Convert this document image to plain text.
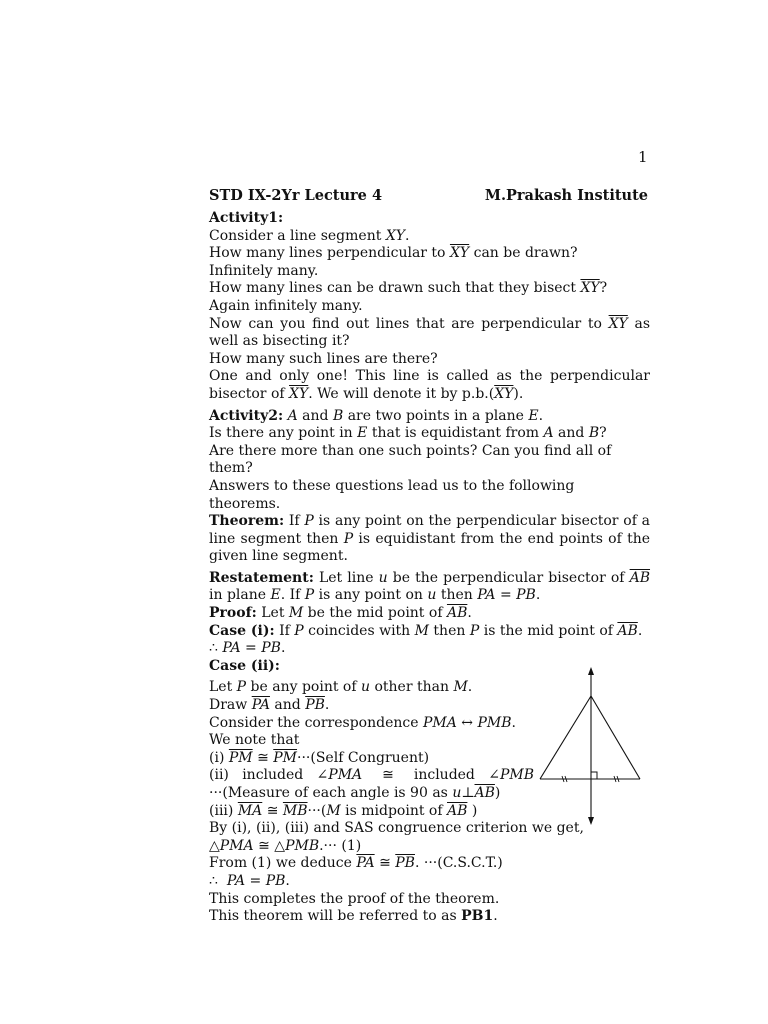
1
STD IX-2Yr Lecture 4	M.Prakash Institute

Activity1:

Consider a line segment XY.

How many lines perpendicular to $\overline{XY}$ can be drawn?

Infinitely many.

How many lines can be drawn such that they bisect $\overline{XY}$?

Again infinitely many.

Now can you find out lines that are perpendicular to $\overline{XY}$ as well as bisecting it?

How many such lines are there?

One and only one! This line is called as the perpendicular bisector of $\overline{XY}$. We will denote it by $p.b.(\overline{XY})$.

Activity2: A and B are two points in a plane E.

Is there any point in E that is equidistant from A and B?

Are there more than one such points? Can you find all of them?

Answers to these questions lead us to the following theorems.

Theorem: If P is any point on the perpendicular bisector of a line segment then P is equidistant from the end points of the given line segment.

Restatement: Let line u be the perpendicular bisector of $\overline{AB}$ in plane E. If P is any point on u then PA = PB.

Proof: Let M be the mid point of $\overline{AB}$.

Case (i): If P coincides with M then P is the mid point of $\overline{AB}$.

∴ PA = PB.

Case (ii):

Let P be any point of u other than M.

Draw $\overline{PA}$ and $\overline{PB}$.

Consider the correspondence PMA ↔ PMB.

We note that

(i) $\overline{PM}$ ≅ $\overline{PM}\cdot\cdot\cdot(Self$ Congruent)

(ii)  included  ∠PMA   ≅   included  ∠PMB ···(Measure of each angle is 90 as $u\perp\overline{AB}$)

(iii) $\overline{MA}$ ≅ $\overline{MB}\cdot\cdot\cdot(M$ is midpoint of $\overline{AB}$ )

By (i), (ii), (iii) and SAS congruence criterion we get,

△PMA ≅ △PMB.··· (1)

From (1) we deduce $\overline{PA}$ ≅ $\overline{PB}$. ···(C.S.C.T.)

∴  PA = PB.

This completes the proof of the theorem.

This theorem will be referred to as PB1.
